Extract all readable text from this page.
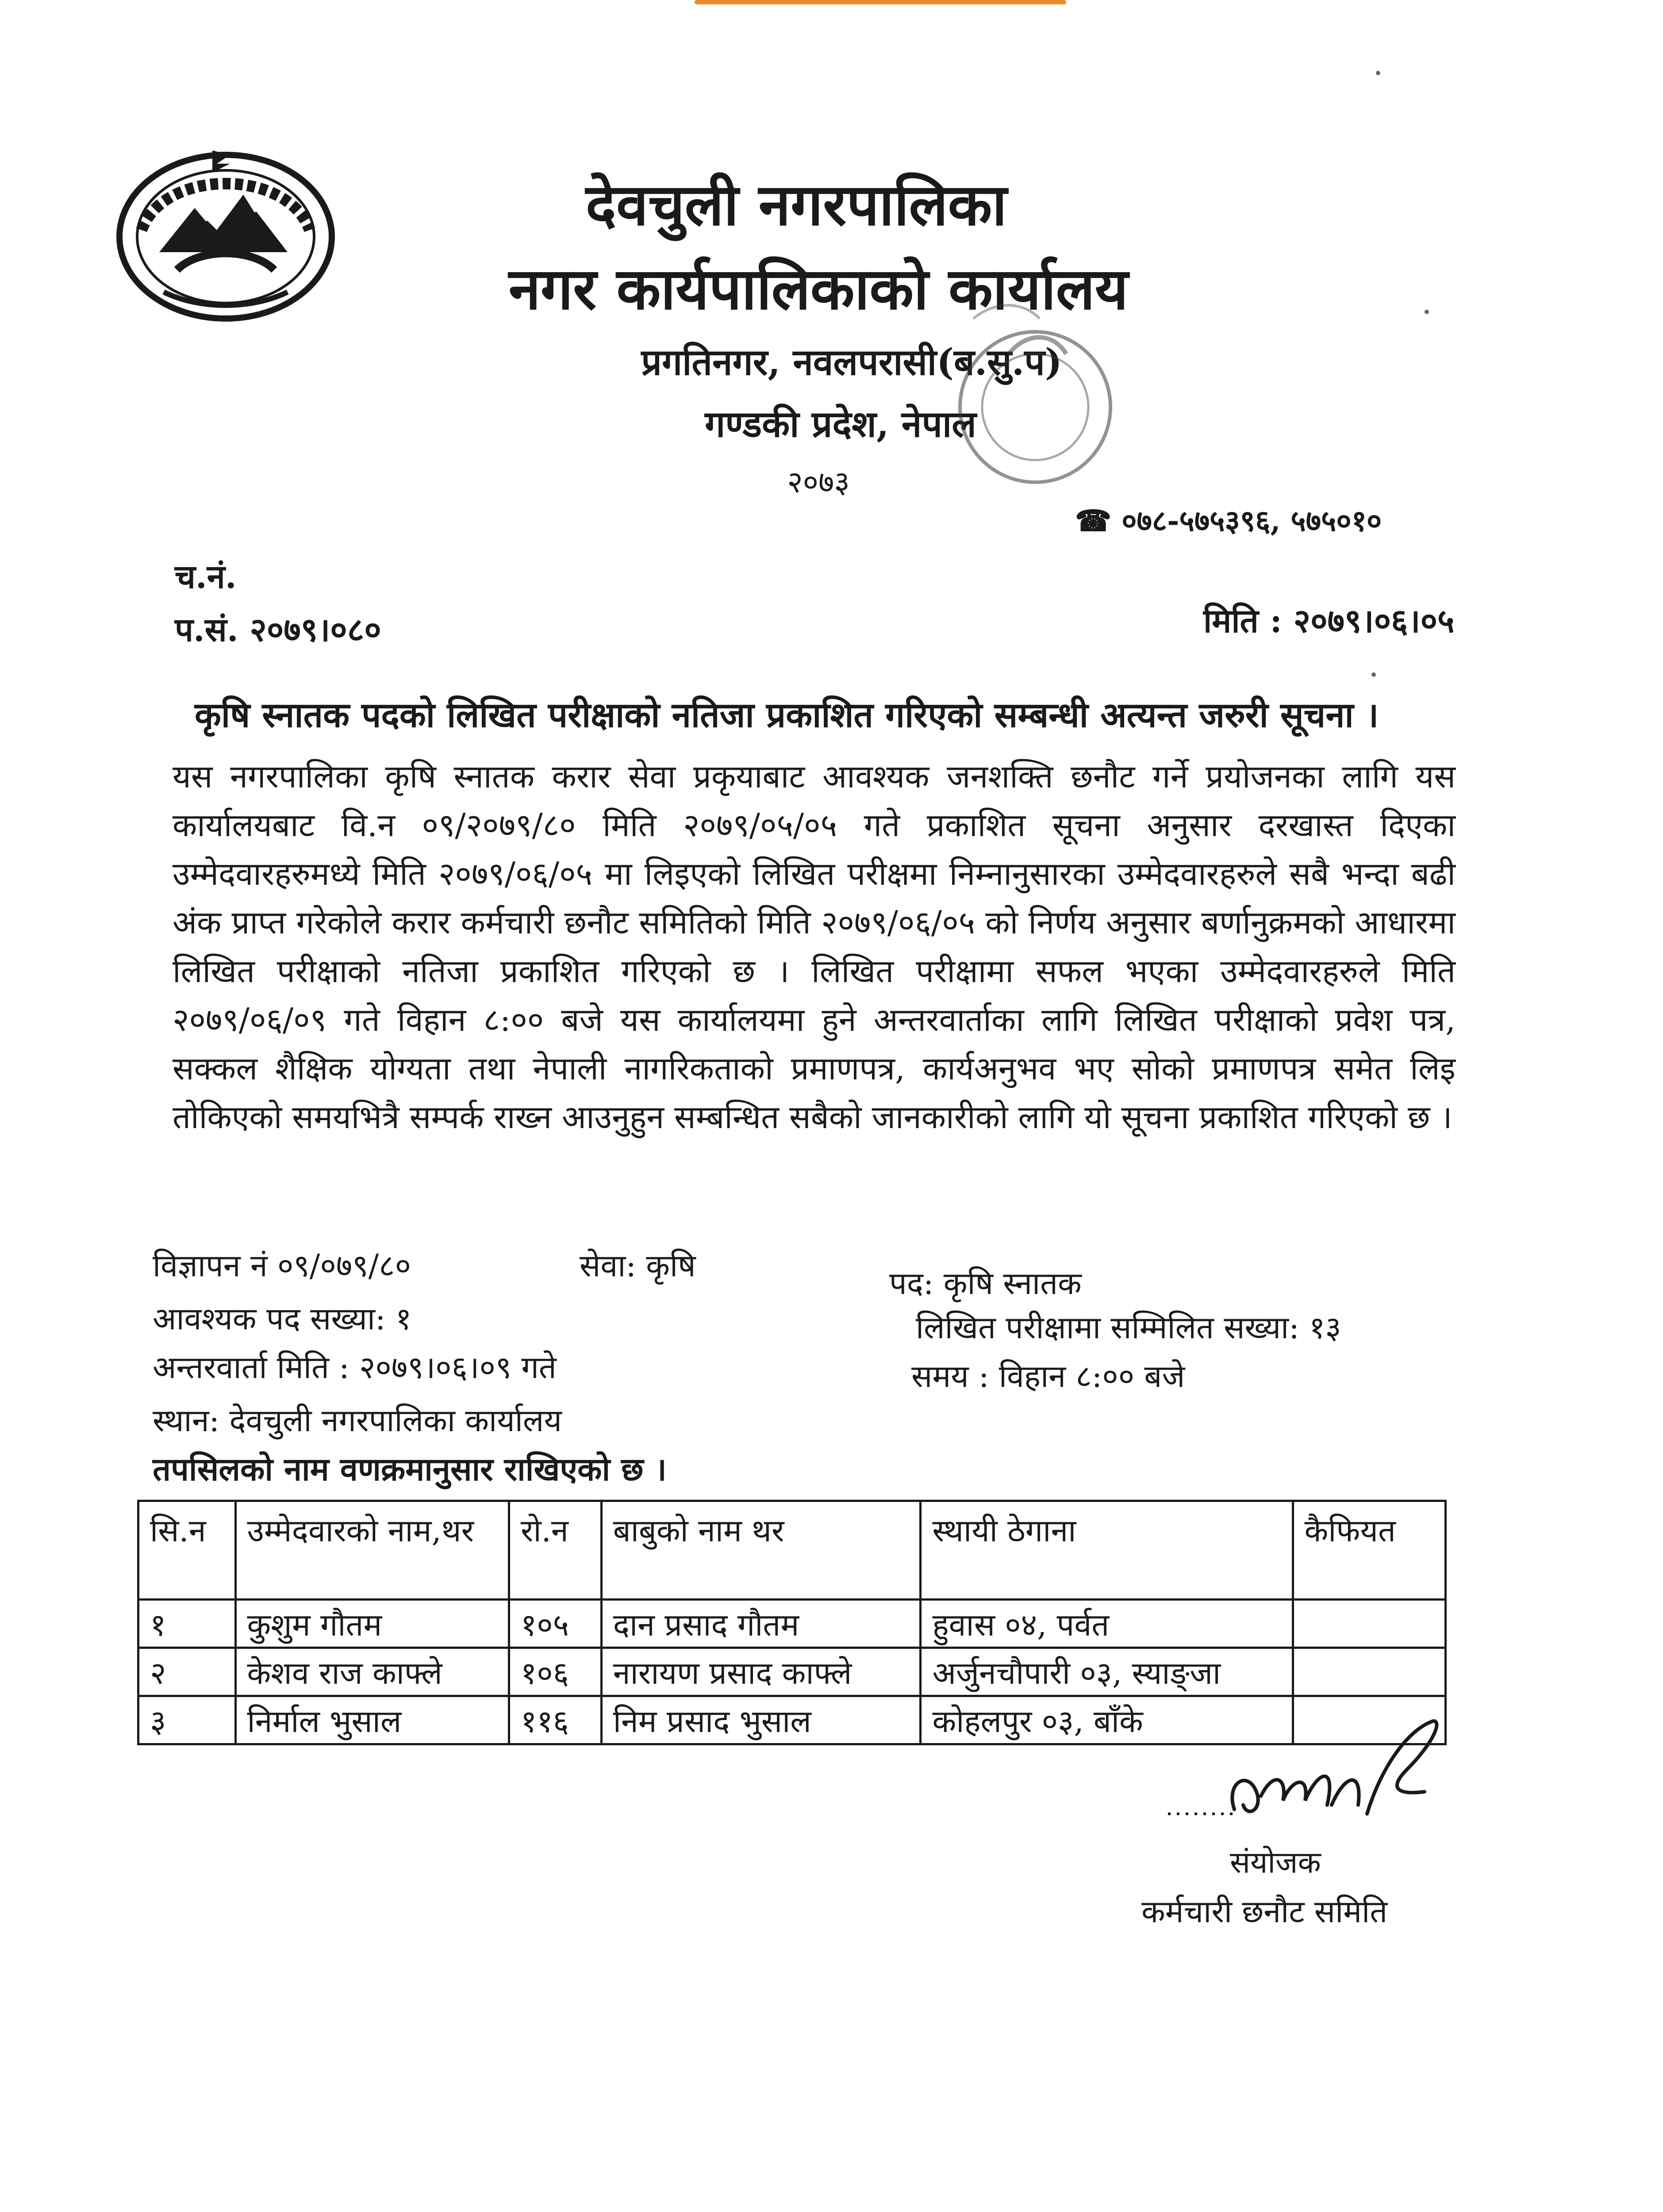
देवचुली नगरपालिका
नगर कार्यपालिकाको कार्यालय
प्रगतिनगर, नवलपरासी(ब.सु.प)
गण्डकी प्रदेश, नेपाल
२०७३
☎ ०७८-५७५३९६, ५७५०१०
च.नं.
प.सं. २०७९।०८०	मिति : २०७९।०६।०५
कृषि स्नातक पदको लिखित परीक्षाको नतिजा प्रकाशित गरिएको सम्बन्धी अत्यन्त जरुरी सूचना ।
यस नगरपालिका कृषि स्नातक करार सेवा प्रकृयाबाट आवश्यक जनशक्ति छनौट गर्ने प्रयोजनका लागि यस कार्यालयबाट वि.न ०९/२०७९/८० मिति २०७९/०५/०५ गते प्रकाशित सूचना अनुसार दरखास्त दिएका उम्मेदवारहरुमध्ये मिति २०७९/०६/०५ मा लिइएको लिखित परीक्षमा निम्नानुसारका उम्मेदवारहरुले सबै भन्दा बढी अंक प्राप्त गरेकोले करार कर्मचारी छनौट समितिको मिति २०७९/०६/०५ को निर्णय अनुसार बर्णानुक्रमको आधारमा लिखित परीक्षाको नतिजा प्रकाशित गरिएको छ । लिखित परीक्षामा सफल भएका उम्मेदवारहरुले मिति २०७९/०६/०९ गते विहान ८:०० बजे यस कार्यालयमा हुने अन्तरवार्ताका लागि लिखित परीक्षाको प्रवेश पत्र, सक्कल शैक्षिक योग्यता तथा नेपाली नागरिकताको प्रमाणपत्र, कार्यअनुभव भए सोको प्रमाणपत्र समेत लिइ तोकिएको समयभित्रै सम्पर्क राख्न आउनुहुन सम्बन्धित सबैको जानकारीको लागि यो सूचना प्रकाशित गरिएको छ ।
विज्ञापन नं ०९/०७९/८०	सेवा: कृषि	पद: कृषि स्नातक
आवश्यक पद सख्या: १	लिखित परीक्षामा सम्मिलित सख्या: १३
अन्तरवार्ता मिति : २०७९।०६।०९ गते	समय : विहान ८:०० बजे
स्थान: देवचुली नगरपालिका कार्यालय
तपसिलको नाम वणक्रमानुसार राखिएको छ ।
सि.न	उम्मेदवारको नाम,थर	रो.न	बाबुको नाम थर	स्थायी ठेगाना	कैफियत
१	कुशुम गौतम	१०५	दान प्रसाद गौतम	हुवास ०४, पर्वत	
२	केशव राज काफ्ले	१०६	नारायण प्रसाद काफ्ले	अर्जुनचौपारी ०३, स्याङ्जा	
३	निर्माल भुसाल	११६	निम प्रसाद भुसाल	कोहलपुर ०३, बाँके	
संयोजक
कर्मचारी छनौट समिति
